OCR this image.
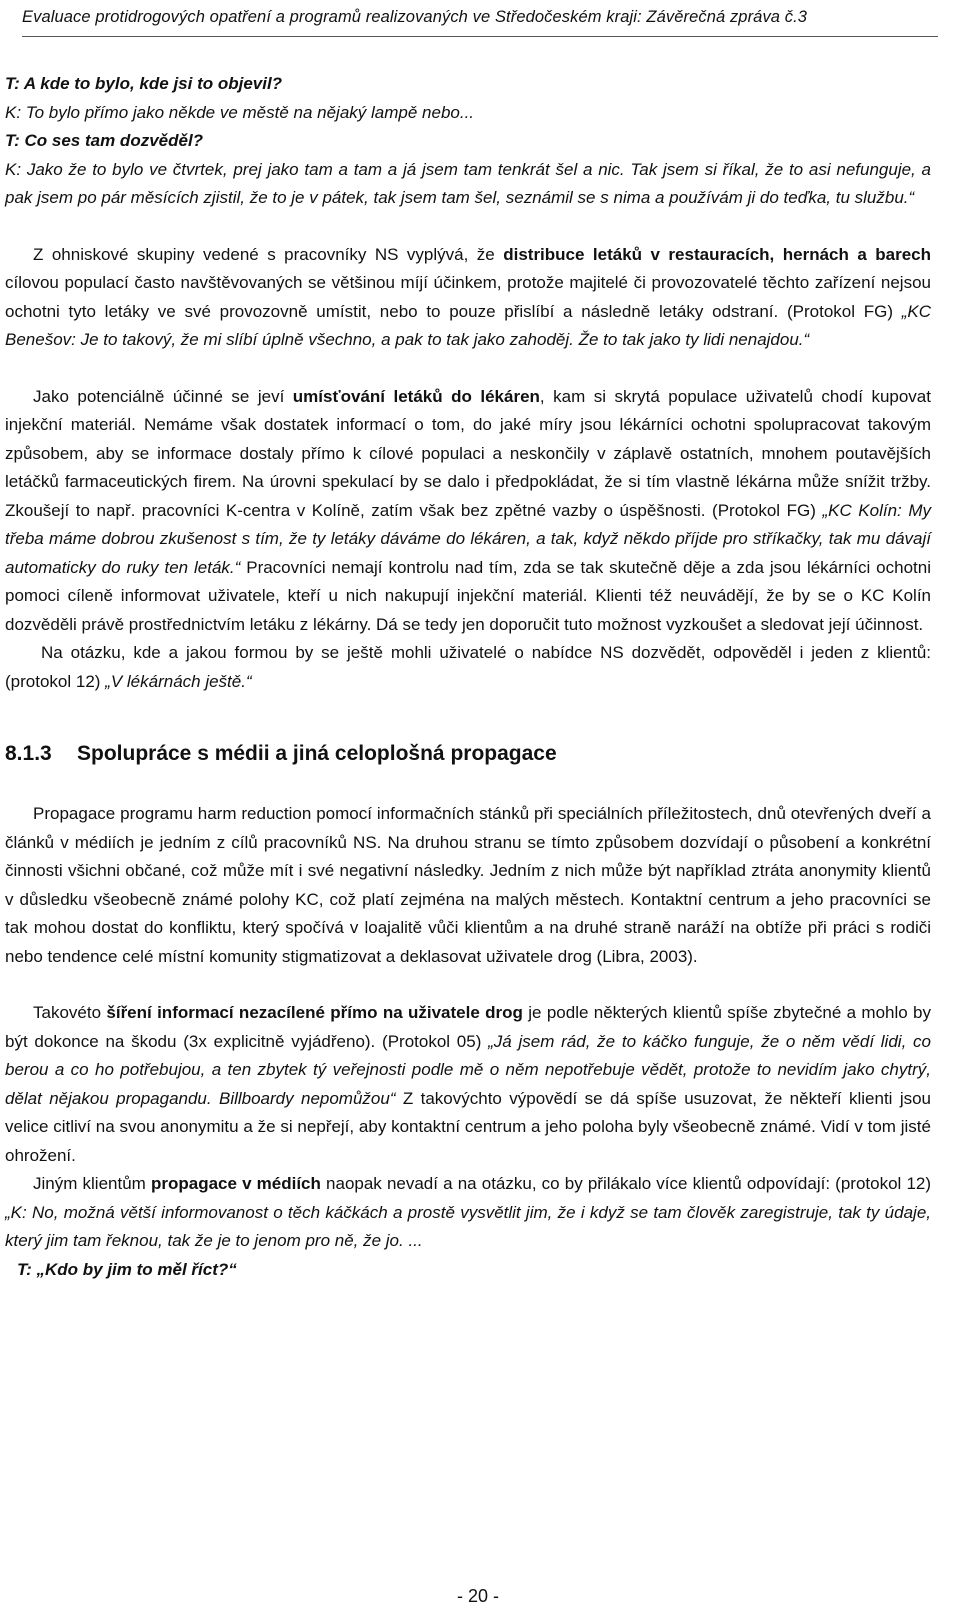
Evaluace protidrogových opatření a programů realizovaných ve Středočeském kraji: Závěrečná zpráva č.3

T: A kde to bylo, kde jsi to objevil?

K: To bylo přímo jako někde ve městě na nějaký lampě nebo...

T: Co ses tam dozvěděl?

K: Jako že to bylo ve čtvrtek, prej jako tam a tam a já jsem tam tenkrát šel a nic. Tak jsem si říkal, že to asi nefunguje, a pak jsem po pár měsících zjistil, že to je v pátek, tak jsem tam šel, seznámil se s nima a používám ji do teďka, tu službu.“

Z ohniskové skupiny vedené s pracovníky NS vyplývá, že distribuce letáků v restauracích, hernách a barech cílovou populací často navštěvovaných se většinou míjí účinkem, protože majitelé či provozovatelé těchto zařízení nejsou ochotni tyto letáky ve své provozovně umístit, nebo to pouze přislíbí a následně letáky odstraní. (Protokol FG) „KC Benešov: Je to takový, že mi slíbí úplně všechno, a pak to tak jako zahoděj. Že to tak jako ty lidi nenajdou.“

Jako potenciálně účinné se jeví umísťování letáků do lékáren, kam si skrytá populace uživatelů chodí kupovat injekční materiál. Nemáme však dostatek informací o tom, do jaké míry jsou lékárníci ochotni spolupracovat takovým způsobem, aby se informace dostaly přímo k cílové populaci a neskončily v záplavě ostatních, mnohem poutavějších letáčků farmaceutických firem. Na úrovni spekulací by se dalo i předpokládat, že si tím vlastně lékárna může snížit tržby. Zkoušejí to např. pracovníci K-centra v Kolíně, zatím však bez zpětné vazby o úspěšnosti. (Protokol FG) „KC Kolín: My třeba máme dobrou zkušenost s tím, že ty letáky dáváme do lékáren, a tak, když někdo příjde pro stříkačky, tak mu dávají automaticky do ruky ten leták.“ Pracovníci nemají kontrolu nad tím, zda se tak skutečně děje a zda jsou lékárníci ochotni pomoci cíleně informovat uživatele, kteří u nich nakupují injekční materiál. Klienti též neuvádějí, že by se o KC Kolín dozvěděli právě prostřednictvím letáku z lékárny. Dá se tedy jen doporučit tuto možnost vyzkoušet a sledovat její účinnost.

Na otázku, kde a jakou formou by se ještě mohli uživatelé o nabídce NS dozvědět, odpověděl i jeden z klientů: (protokol 12) „V lékárnách ještě.“

8.1.3 Spolupráce s médii a jiná celoplošná propagace

Propagace programu harm reduction pomocí informačních stánků při speciálních příležitostech, dnů otevřených dveří a článků v médiích je jedním z cílů pracovníků NS. Na druhou stranu se tímto způsobem dozvídají o působení a konkrétní činnosti všichni občané, což může mít i své negativní následky. Jedním z nich může být například ztráta anonymity klientů v důsledku všeobecně známé polohy KC, což platí zejména na malých městech. Kontaktní centrum a jeho pracovníci se tak mohou dostat do konfliktu, který spočívá v loajalitě vůči klientům a na druhé straně naráží na obtíže při práci s rodiči nebo tendence celé místní komunity stigmatizovat a deklasovat uživatele drog (Libra, 2003).

Takovéto šíření informací nezacílené přímo na uživatele drog je podle některých klientů spíše zbytečné a mohlo by být dokonce na škodu (3x explicitně vyjádřeno). (Protokol 05) „Já jsem rád, že to káčko funguje, že o něm vědí lidi, co berou a co ho potřebujou, a ten zbytek tý veřejnosti podle mě o něm nepotřebuje vědět, protože to nevidím jako chytrý, dělat nějakou propagandu. Billboardy nepomůžou“ Z takovýchto výpovědí se dá spíše usuzovat, že někteří klienti jsou velice citliví na svou anonymitu a že si nepřejí, aby kontaktní centrum a jeho poloha byly všeobecně známé. Vidí v tom jisté ohrožení.

Jiným klientům propagace v médiích naopak nevadí a na otázku, co by přilákalo více klientů odpovídají: (protokol 12) „K: No, možná větší informovanost o těch káčkách a prostě vysvětlit jim, že i když se tam člověk zaregistruje, tak ty údaje, který jim tam řeknou, tak že je to jenom pro ně, že jo. ...

T: „Kdo by jim to měl říct?“

- 20 -
